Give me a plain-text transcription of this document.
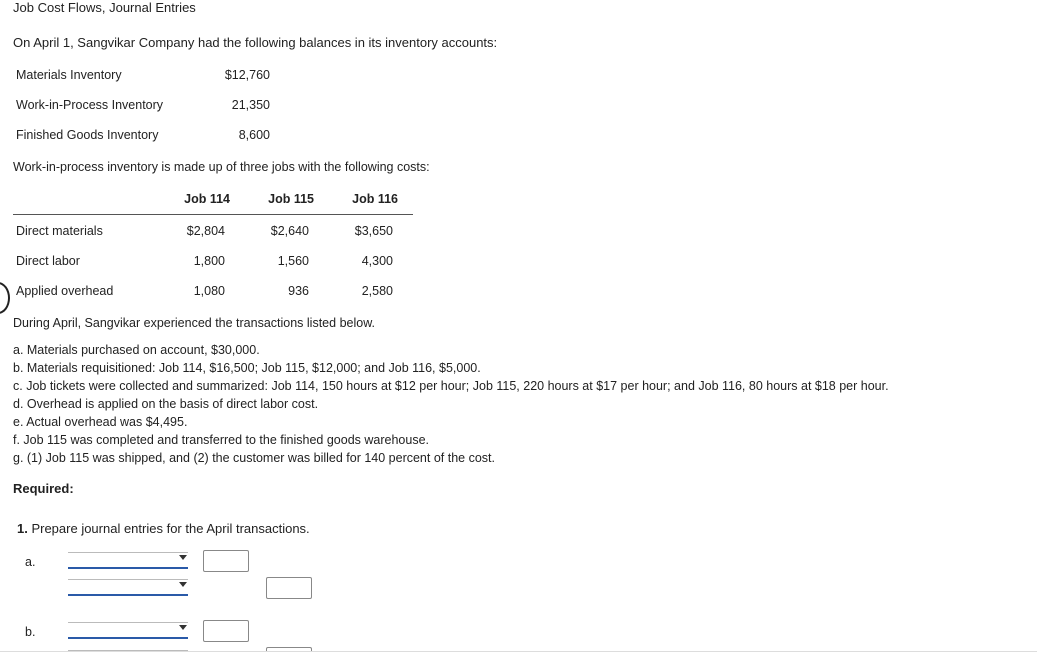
Job Cost Flows, Journal Entries
On April 1, Sangvikar Company had the following balances in its inventory accounts:
Materials Inventory	$12,760
Work-in-Process Inventory	21,350
Finished Goods Inventory	8,600
Work-in-process inventory is made up of three jobs with the following costs:
Job 114	Job 115	Job 116
Direct materials	$2,804	$2,640	$3,650
Direct labor	1,800	1,560	4,300
Applied overhead	1,080	936	2,580
During April, Sangvikar experienced the transactions listed below.
a. Materials purchased on account, $30,000.
b. Materials requisitioned: Job 114, $16,500; Job 115, $12,000; and Job 116, $5,000.
c. Job tickets were collected and summarized: Job 114, 150 hours at $12 per hour; Job 115, 220 hours at $17 per hour; and Job 116, 80 hours at $18 per hour.
d. Overhead is applied on the basis of direct labor cost.
e. Actual overhead was $4,495.
f. Job 115 was completed and transferred to the finished goods warehouse.
g. (1) Job 115 was shipped, and (2) the customer was billed for 140 percent of the cost.
Required:
1. Prepare journal entries for the April transactions.
a.
b.
